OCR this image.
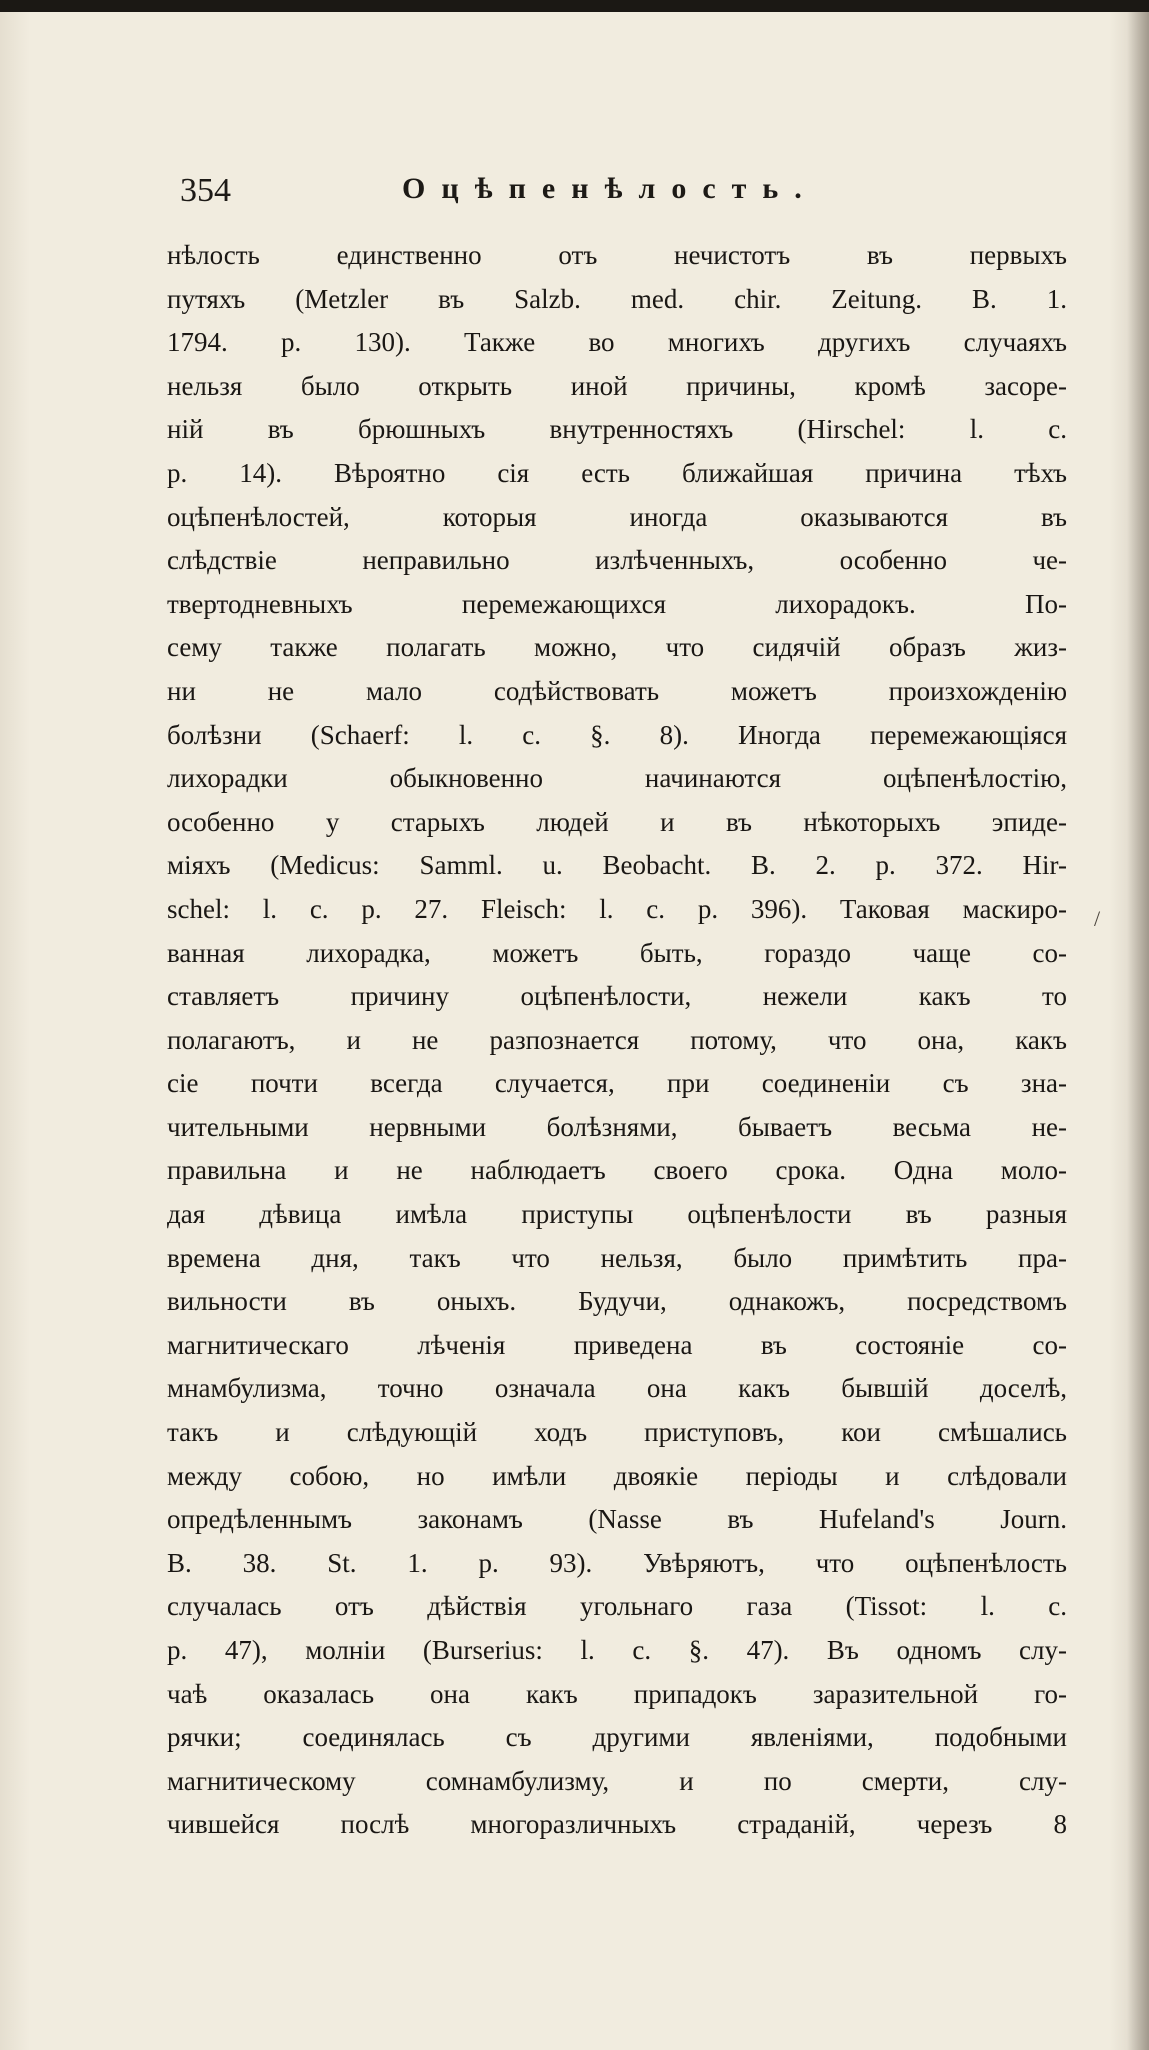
354	Оцѣпенѣлость.
нѣлость единственно отъ нечистотъ въ первыхъ
путяхъ (Metzler въ Salzb. med. chir. Zeitung. B. 1.
1794. p. 130). Также во многихъ другихъ случаяхъ
нельзя было открыть иной причины, кромѣ засоре-
ній въ брюшныхъ внутренностяхъ (Hirschel: l. c.
p. 14). Вѣроятно сія есть ближайшая причина тѣхъ
оцѣпенѣлостей, которыя иногда оказываются въ
слѣдствіе неправильно излѣченныхъ, особенно че-
твертодневныхъ перемежающихся лихорадокъ. По-
сему также полагать можно, что сидячій образъ жиз-
ни не мало содѣйствовать можетъ произхожденію
болѣзни (Schaerf: l. c. §. 8). Иногда перемежающіяся
лихорадки обыкновенно начинаются оцѣпенѣлостію,
особенно у старыхъ людей и въ нѣкоторыхъ эпиде-
міяхъ (Medicus: Samml. u. Beobacht. B. 2. p. 372. Hir-
schel: l. c. p. 27. Fleisch: l. c. p. 396). Таковая маскиро-
ванная лихорадка, можетъ быть, гораздо чаще со-
ставляетъ причину оцѣпенѣлости, нежели какъ то
полагаютъ, и не разпознается потому, что она, какъ
сіе почти всегда случается, при соединеніи съ зна-
чительными нервными болѣзнями, бываетъ весьма не-
правильна и не наблюдаетъ своего срока. Одна моло-
дая дѣвица имѣла приступы оцѣпенѣлости въ разныя
времена дня, такъ что нельзя, было примѣтить пра-
вильности въ оныхъ. Будучи, однакожъ, посредствомъ
магнитическаго лѣченія приведена въ состояніе со-
мнамбулизма, точно означала она какъ бывшій доселѣ,
такъ и слѣдующій ходъ приступовъ, кои смѣшались
между собою, но имѣли двоякіе періоды и слѣдовали
опредѣленнымъ законамъ (Nasse въ Hufeland's Journ.
B. 38. St. 1. p. 93). Увѣряютъ, что оцѣпенѣлость
случалась отъ дѣйствія угольнаго газа (Tissot: l. c.
p. 47), молніи (Burserius: l. c. §. 47). Въ одномъ слу-
чаѣ оказалась она какъ припадокъ заразительной го-
рячки; соединялась съ другими явленіями, подобными
магнитическому сомнамбулизму, и по смерти, слу-
чившейся послѣ многоразличныхъ страданій, черезъ 8
/
